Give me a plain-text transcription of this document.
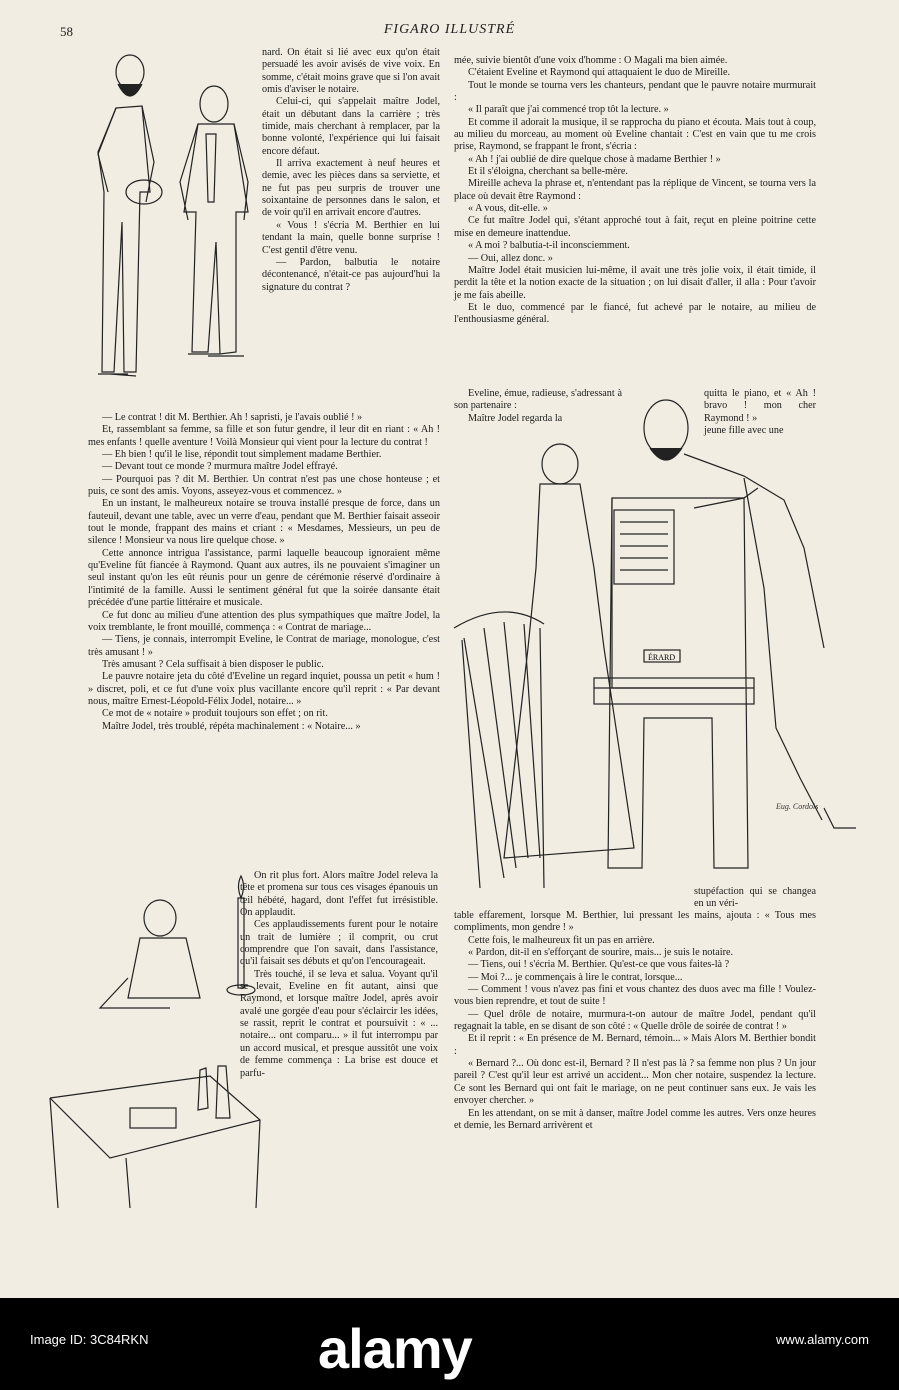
58	FIGARO ILLUSTRÉ
ÉRARD
Eug. Cordois

nard. On était si lié avec eux qu'on était persuadé les avoir avisés de vive voix. En somme, c'était moins grave que si l'on avait omis d'aviser le notaire.

Celui-ci, qui s'appelait maître Jodel, était un débutant dans la carrière ; très timide, mais cherchant à remplacer, par la bonne volonté, l'expérience qui lui faisait encore défaut.

Il arriva exactement à neuf heures et demie, avec les pièces dans sa serviette, et ne fut pas peu surpris de trouver une soixantaine de personnes dans le salon, et de voir qu'il en arrivait encore d'autres.

« Vous ! s'écria M. Berthier en lui tendant la main, quelle bonne surprise ! C'est gentil d'être venu.

— Pardon, balbutia le notaire décontenancé, n'était-ce pas aujourd'hui la signature du contrat ?

— Le contrat ! dit M. Berthier. Ah ! sapristi, je l'avais oublié ! »

Et, rassemblant sa femme, sa fille et son futur gendre, il leur dit en riant : « Ah ! mes enfants ! quelle aventure ! Voilà Monsieur qui vient pour la lecture du contrat !

— Eh bien ! qu'il le lise, répondit tout simplement madame Berthier.

— Devant tout ce monde ? murmura maître Jodel effrayé.

— Pourquoi pas ? dit M. Berthier. Un contrat n'est pas une chose honteuse ; et puis, ce sont des amis. Voyons, asseyez-vous et commencez. »

En un instant, le malheureux notaire se trouva installé presque de force, dans un fauteuil, devant une table, avec un verre d'eau, pendant que M. Berthier faisait asseoir tout le monde, frappant des mains et criant : « Mesdames, Messieurs, un peu de silence ! Monsieur va nous lire quelque chose. »

Cette annonce intrigua l'assistance, parmi laquelle beaucoup ignoraient même qu'Eveline fût fiancée à Raymond. Quant aux autres, ils ne pouvaient s'imaginer un seul instant qu'on les eût réunis pour un genre de cérémonie réservé d'ordinaire à l'intimité de la famille. Aussi le sentiment général fut que la soirée dansante était précédée d'une partie littéraire et musicale.

Ce fut donc au milieu d'une attention des plus sympathiques que maître Jodel, la voix tremblante, le front mouillé, commença : « Contrat de mariage...

— Tiens, je connais, interrompit Eveline, le Contrat de mariage, monologue, c'est très amusant ! »

Très amusant ? Cela suffisait à bien disposer le public.

Le pauvre notaire jeta du côté d'Eveline un regard inquiet, poussa un petit « hum ! » discret, poli, et ce fut d'une voix plus vacillante encore qu'il reprit : « Par devant nous, maître Ernest-Léopold-Félix Jodel, notaire... »

Ce mot de « notaire » produit toujours son effet ; on rit.

Maître Jodel, très troublé, répéta machinalement : « Notaire... »

On rit plus fort. Alors maître Jodel releva la tête et promena sur tous ces visages épanouis un œil hébété, hagard, dont l'effet fut irrésistible. On applaudit.

Ces applaudissements furent pour le notaire un trait de lumière ; il comprit, ou crut comprendre que l'on savait, dans l'assistance, qu'il faisait ses débuts et qu'on l'encourageait.

Très touché, il se leva et salua. Voyant qu'il se levait, Eveline en fit autant, ainsi que Raymond, et lorsque maître Jodel, après avoir avalé une gorgée d'eau pour s'éclaircir les idées, se rassit, reprit le contrat et poursuivit : « ... notaire... ont comparu... » il fut interrompu par un accord musical, et presque aussitôt une voix de femme commença : La brise est douce et parfu-

mée, suivie bientôt d'une voix d'homme : O Magali ma bien aimée.

C'étaient Eveline et Raymond qui attaquaient le duo de Mireille.

Tout le monde se tourna vers les chanteurs, pendant que le pauvre notaire murmurait :

« Il paraît que j'ai commencé trop tôt la lecture. »

Et comme il adorait la musique, il se rapprocha du piano et écouta. Mais tout à coup, au milieu du morceau, au moment où Eveline chantait : C'est en vain que tu me crois prise, Raymond, se frappant le front, s'écria :

« Ah ! j'ai oublié de dire quelque chose à madame Berthier ! »

Et il s'éloigna, cherchant sa belle-mère.

Mireille acheva la phrase et, n'entendant pas la réplique de Vincent, se tourna vers la place où devait être Raymond :

« A vous, dit-elle. »

Ce fut maître Jodel qui, s'étant approché tout à fait, reçut en pleine poitrine cette mise en demeure inattendue.

« A moi ? balbutia-t-il inconsciemment.

— Oui, allez donc. »

Maître Jodel était musicien lui-même, il avait une très jolie voix, il était timide, il perdit la tête et la notion exacte de la situation ; on lui disait d'aller, il alla : Pour t'avoir je me fais abeille.

Et le duo, commencé par le fiancé, fut achevé par le notaire, au milieu de l'enthousiasme général.

Eveline, émue, radieuse, s'adressant à son partenaire :

Maître Jodel regarda la

quitta le piano, et « Ah ! bravo ! mon cher Raymond ! »

jeune fille avec une

stupéfaction qui se changea en un véri-

table effarement, lorsque M. Berthier, lui pressant les mains, ajouta : « Tous mes compliments, mon gendre ! »

Cette fois, le malheureux fit un pas en arrière.

« Pardon, dit-il en s'efforçant de sourire, mais... je suis le notaire.

— Tiens, oui ! s'écria M. Berthier. Qu'est-ce que vous faites-là ?

— Moi ?... je commençais à lire le contrat, lorsque...

— Comment ! vous n'avez pas fini et vous chantez des duos avec ma fille ! Voulez-vous bien reprendre, et tout de suite !

— Quel drôle de notaire, murmura-t-on autour de maître Jodel, pendant qu'il regagnait la table, en se disant de son côté : « Quelle drôle de soirée de contrat ! »

Et il reprit : « En présence de M. Bernard, témoin... » Mais Alors M. Berthier bondit :

« Bernard ?... Où donc est-il, Bernard ? Il n'est pas là ? sa femme non plus ? Un jour pareil ? C'est qu'il leur est arrivé un accident... Mon cher notaire, suspendez la lecture. Ce sont les Bernard qui ont fait le mariage, on ne peut continuer sans eux. Je vais les envoyer chercher. »

En les attendant, on se mit à danser, maître Jodel comme les autres. Vers onze heures et demie, les Bernard arrivèrent et

Image ID: 3C84RKN	alamy	www.alamy.com
